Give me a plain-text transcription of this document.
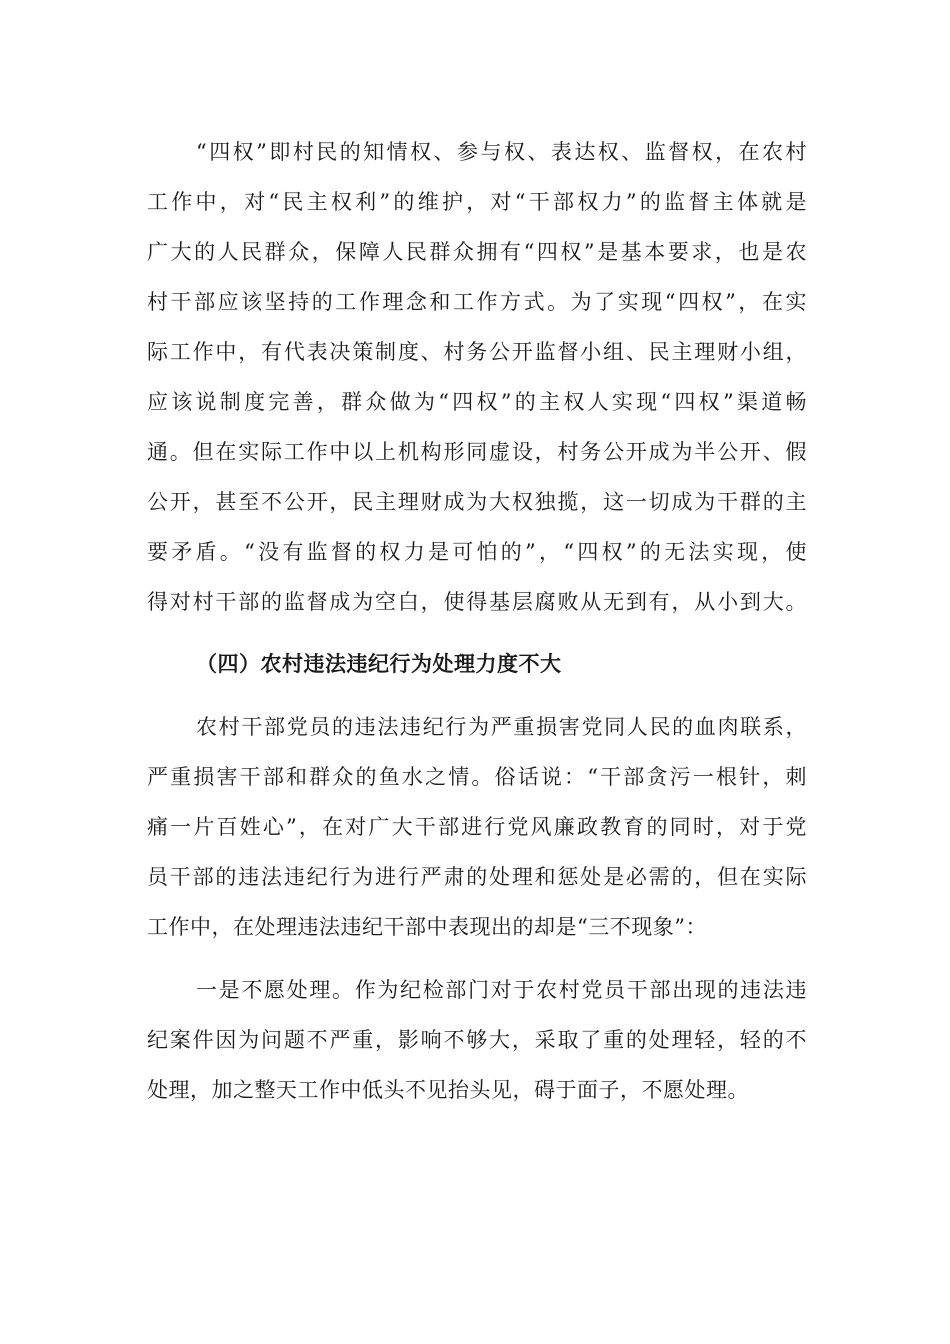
“四权”即村民的知情权、参与权、表达权、监督权，在农村
工作中，对“民主权利”的维护，对“干部权力”的监督主体就是
广大的人民群众，保障人民群众拥有“四权”是基本要求，也是农
村干部应该坚持的工作理念和工作方式。为了实现“四权”，在实
际工作中，有代表决策制度、村务公开监督小组、民主理财小组，
应该说制度完善，群众做为“四权”的主权人实现“四权”渠道畅
通。但在实际工作中以上机构形同虚设，村务公开成为半公开、假
公开，甚至不公开，民主理财成为大权独揽，这一切成为干群的主
要矛盾。“没有监督的权力是可怕的”，“四权”的无法实现，使
得对村干部的监督成为空白，使得基层腐败从无到有，从小到大。
（四）农村违法违纪行为处理力度不大
农村干部党员的违法违纪行为严重损害党同人民的血肉联系，
严重损害干部和群众的鱼水之情。俗话说：“干部贪污一根针，刺
痛一片百姓心”，在对广大干部进行党风廉政教育的同时，对于党
员干部的违法违纪行为进行严肃的处理和惩处是必需的，但在实际
工作中，在处理违法违纪干部中表现出的却是“三不现象”：
一是不愿处理。作为纪检部门对于农村党员干部出现的违法违
纪案件因为问题不严重，影响不够大，采取了重的处理轻，轻的不
处理，加之整天工作中低头不见抬头见，碍于面子，不愿处理。
